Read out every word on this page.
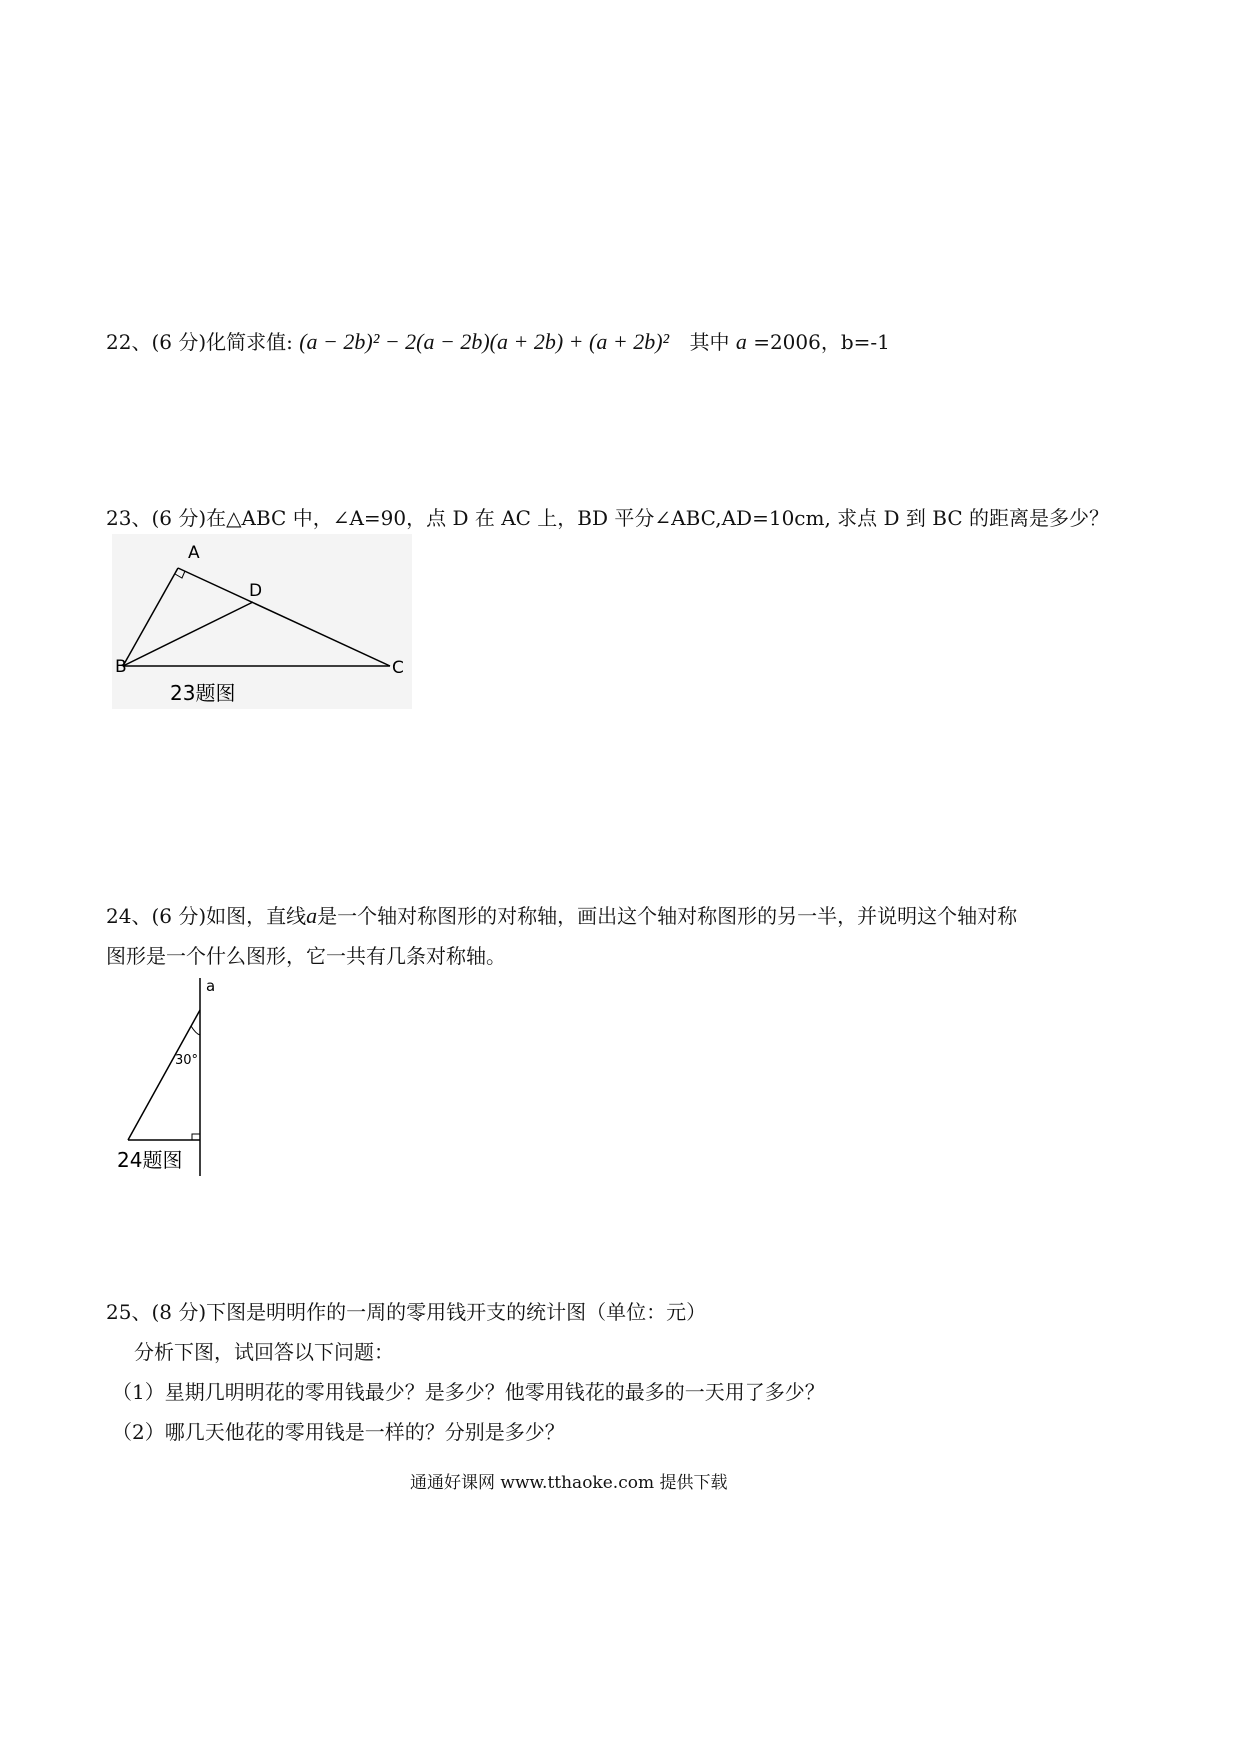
22、(6 分)化简求值: (a − 2b)² − 2(a − 2b)(a + 2b) + (a + 2b)² 其中 a =2006，b=-1
23、(6 分)在△ABC 中，∠A=90，点 D 在 AC 上，BD 平分∠ABC,AD=10cm, 求点 D 到 BC 的距离是多少？
A
B	C
D
23题图
24、(6 分)如图，直线a是一个轴对称图形的对称轴，画出这个轴对称图形的另一半，并说明这个轴对称
图形是一个什么图形，它一共有几条对称轴。
a
30°
24题图
25、(8 分)下图是明明作的一周的零用钱开支的统计图（单位：元）
分析下图，试回答以下问题：
（1）星期几明明花的零用钱最少？是多少？他零用钱花的最多的一天用了多少？
（2）哪几天他花的零用钱是一样的？分别是多少？
通通好课网 www.tthaoke.com 提供下载
